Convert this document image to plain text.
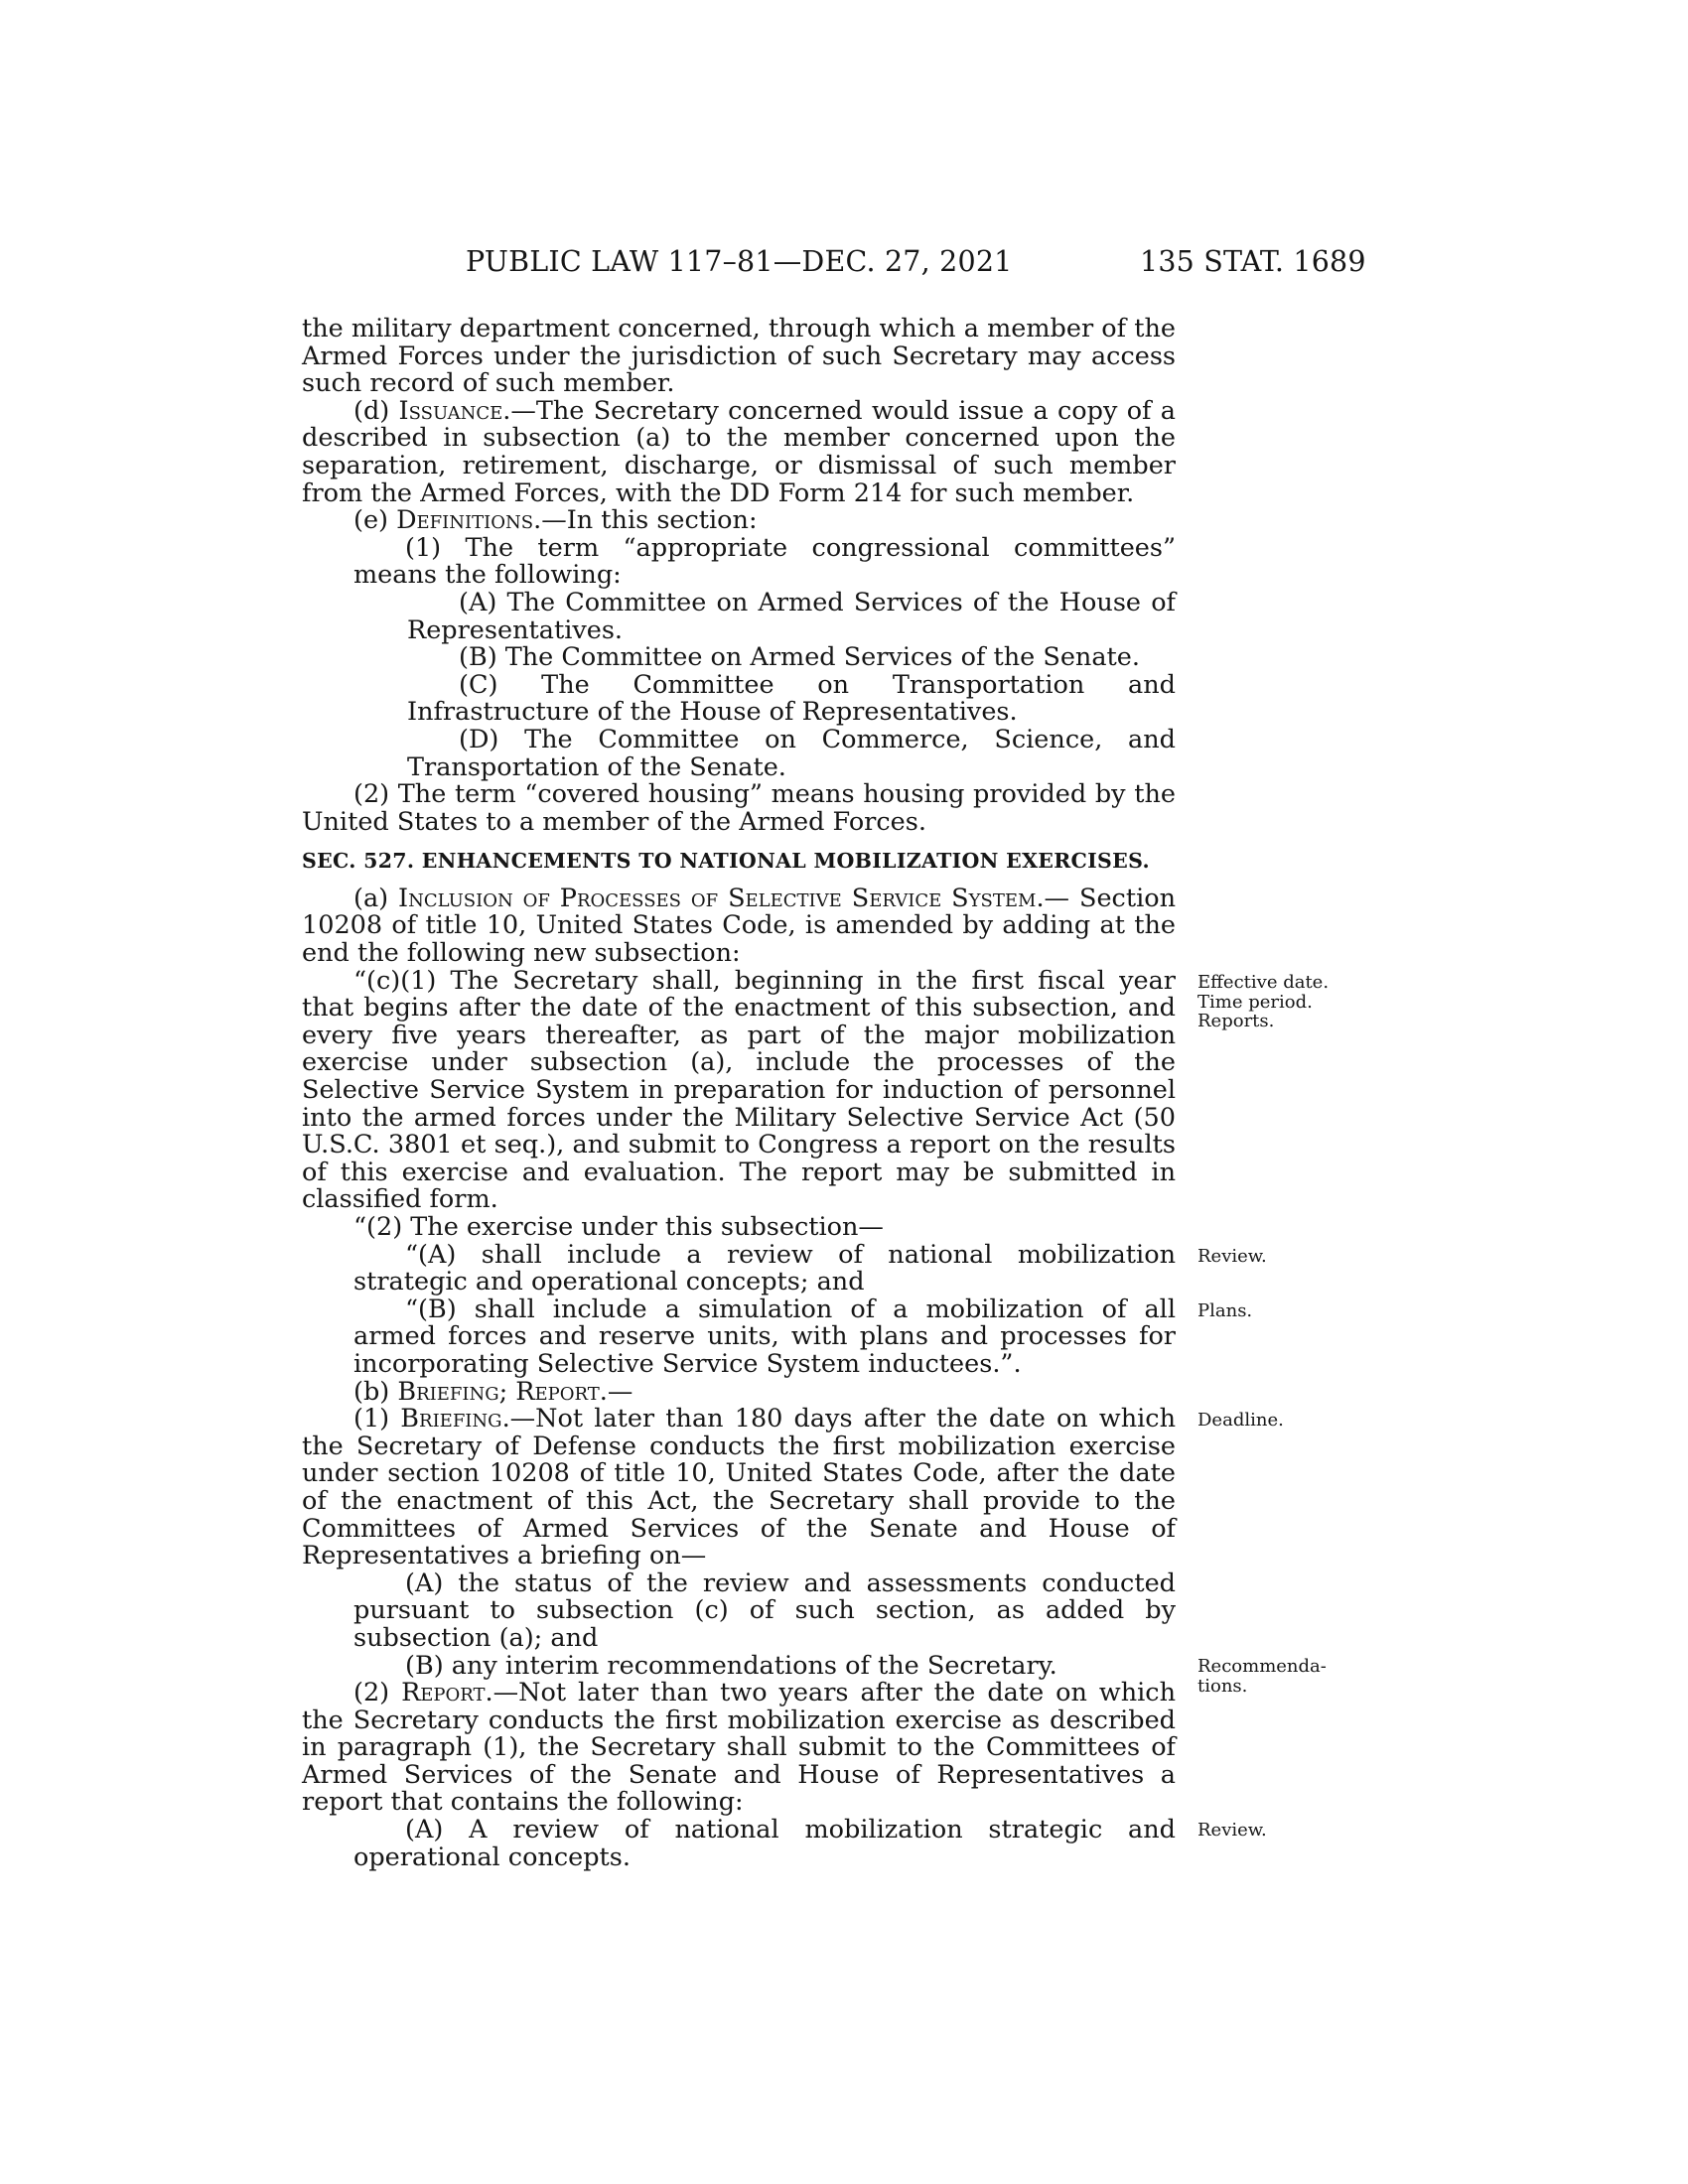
PUBLIC LAW 117–81—DEC. 27, 2021	135 STAT. 1689

the military department concerned, through which a member of the Armed Forces under the jurisdiction of such Secretary may access such record of such member.

(d) Issuance.—The Secretary concerned would issue a copy of a described in subsection (a) to the member concerned upon the separation, retirement, discharge, or dismissal of such member from the Armed Forces, with the DD Form 214 for such member.

(e) Definitions.—In this section:

(1) The term “appropriate congressional committees” means the following:

(A) The Committee on Armed Services of the House of Representatives.

(B) The Committee on Armed Services of the Senate.

(C) The Committee on Transportation and Infrastructure of the House of Representatives.

(D) The Committee on Commerce, Science, and Transportation of the Senate.

(2) The term “covered housing” means housing provided by the United States to a member of the Armed Forces.

SEC. 527. ENHANCEMENTS TO NATIONAL MOBILIZATION EXERCISES.

(a) Inclusion of Processes of Selective Service System.— Section 10208 of title 10, United States Code, is amended by adding at the end the following new subsection:

“(c)(1) The Secretary shall, beginning in the first fiscal year that begins after the date of the enactment of this subsection, and every five years thereafter, as part of the major mobilization exercise under subsection (a), include the processes of the Selective Service System in preparation for induction of personnel into the armed forces under the Military Selective Service Act (50 U.S.C. 3801 et seq.), and submit to Congress a report on the results of this exercise and evaluation. The report may be submitted in classified form.

“(2) The exercise under this subsection—

“(A) shall include a review of national mobilization strategic and operational concepts; and

“(B) shall include a simulation of a mobilization of all armed forces and reserve units, with plans and processes for incorporating Selective Service System inductees.”.

(b) Briefing; Report.—

(1) Briefing.—Not later than 180 days after the date on which the Secretary of Defense conducts the first mobilization exercise under section 10208 of title 10, United States Code, after the date of the enactment of this Act, the Secretary shall provide to the Committees of Armed Services of the Senate and House of Representatives a briefing on—

(A) the status of the review and assessments conducted pursuant to subsection (c) of such section, as added by subsection (a); and

(B) any interim recommendations of the Secretary.

(2) Report.—Not later than two years after the date on which the Secretary conducts the first mobilization exercise as described in paragraph (1), the Secretary shall submit to the Committees of Armed Services of the Senate and House of Representatives a report that contains the following:

(A) A review of national mobilization strategic and operational concepts.

Effective date.
Time period.
Reports.
Review.
Plans.
Deadline.
Recommenda-
tions.
Review.
